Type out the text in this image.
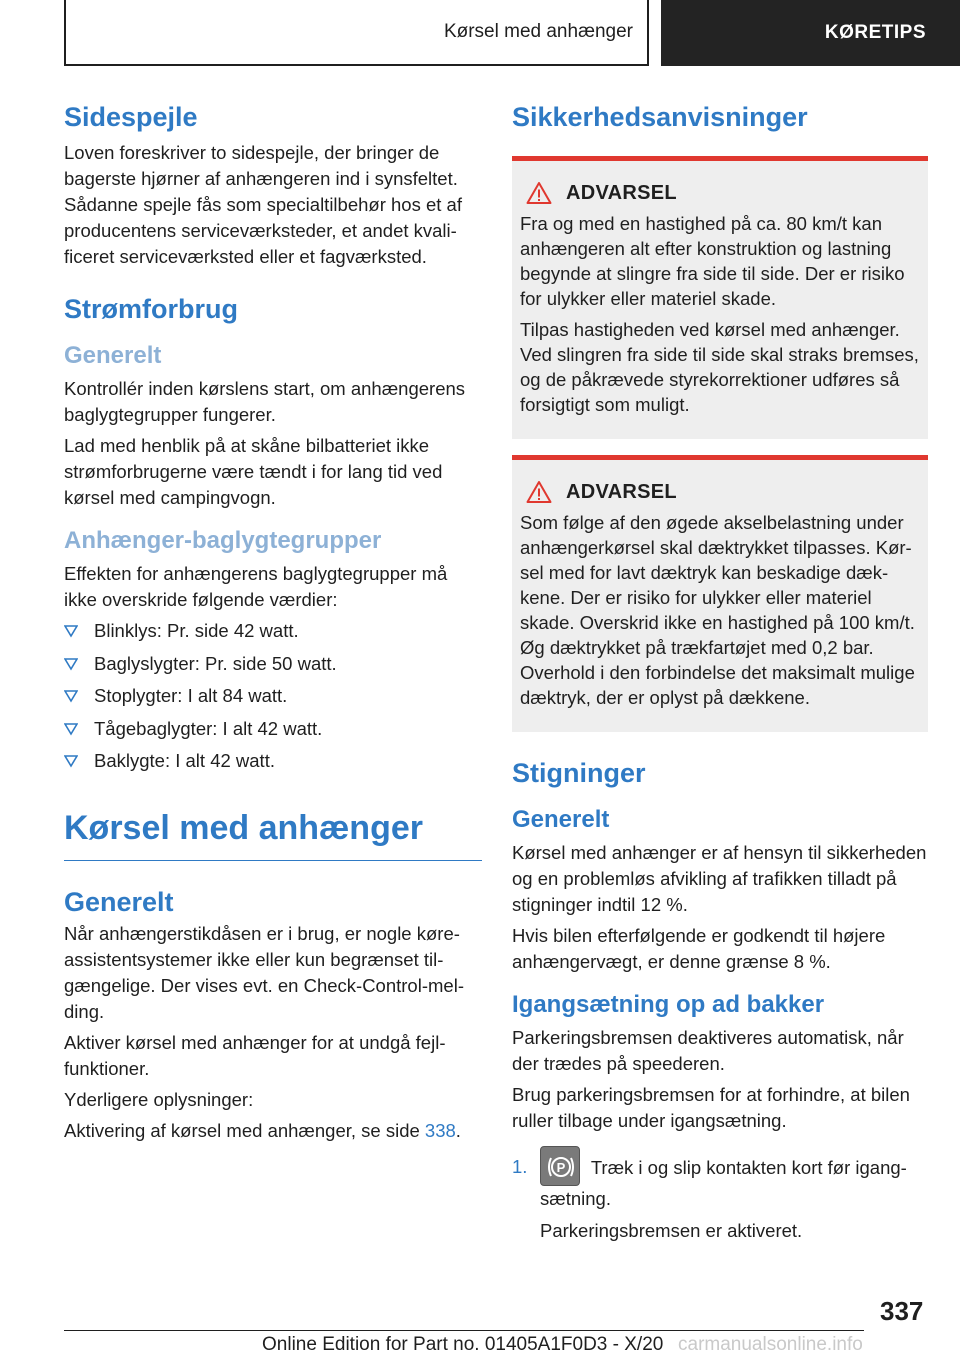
Kørsel med anhænger	KØRETIPS
Sidespejle

Loven foreskriver to sidespejle, der bringer de bagerste hjørner af anhængeren ind i synsfeltet. Sådanne spejle fås som specialtilbehør hos et af producentens serviceværksteder, et andet kvalificeret serviceværksted eller et fagværksted.

Strømforbrug
Generelt

Kontrollér inden kørslens start, om anhængerens baglygtegrupper fungerer.

Lad med henblik på at skåne bilbatteriet ikke strømforbrugerne være tændt i for lang tid ved kørsel med campingvogn.

Anhænger-baglygtegrupper

Effekten for anhængerens baglygtegrupper må ikke overskride følgende værdier:

Blinklys: Pr. side 42 watt.
Baglyslygter: Pr. side 50 watt.
Stoplygter: I alt 84 watt.
Tågebaglygter: I alt 42 watt.
Baklygte: I alt 42 watt.
Kørsel med anhænger
Generelt

Når anhængerstikdåsen er i brug, er nogle køreassistentsystemer ikke eller kun begrænset tilgængelige. Der vises evt. en Check-Control-melding.

Aktiver kørsel med anhænger for at undgå fejlfunktioner.

Yderligere oplysninger:

Aktivering af kørsel med anhænger, se side 338.

Sikkerhedsanvisninger
ADVARSEL

Fra og med en hastighed på ca. 80 km/t kan anhængeren alt efter konstruktion og lastning begynde at slingre fra side til side. Der er risiko for ulykker eller materiel skade.

Tilpas hastigheden ved kørsel med anhænger. Ved slingren fra side til side skal straks bremses, og de påkrævede styrekorrektioner udføres så forsigtigt som muligt.

ADVARSEL

Som følge af den øgede akselbelastning under anhængerkørsel skal dæktrykket tilpasses. Kørsel med for lavt dæktryk kan beskadige dækkene. Der er risiko for ulykker eller materiel skade. Overskrid ikke en hastighed på 100 km/t. Øg dæktrykket på trækfartøjet med 0,2 bar. Overhold i den forbindelse det maksimalt mulige dæktryk, der er oplyst på dækkene.

Stigninger
Generelt

Kørsel med anhænger er af hensyn til sikkerheden og en problemløs afvikling af trafikken tilladt på stigninger indtil 12 %.

Hvis bilen efterfølgende er godkendt til højere anhængervægt, er denne grænse 8 %.

Igangsætning op ad bakker

Parkeringsbremsen deaktiveres automatisk, når der trædes på speederen.

Brug parkeringsbremsen for at forhindre, at bilen ruller tilbage under igangsætning.

1.	P Træk i og slip kontakten kort før igangsætning.

Parkeringsbremsen er aktiveret.

337
Online Edition for Part no. 01405A1F0D3 - X/20 carmanualsonline.info
